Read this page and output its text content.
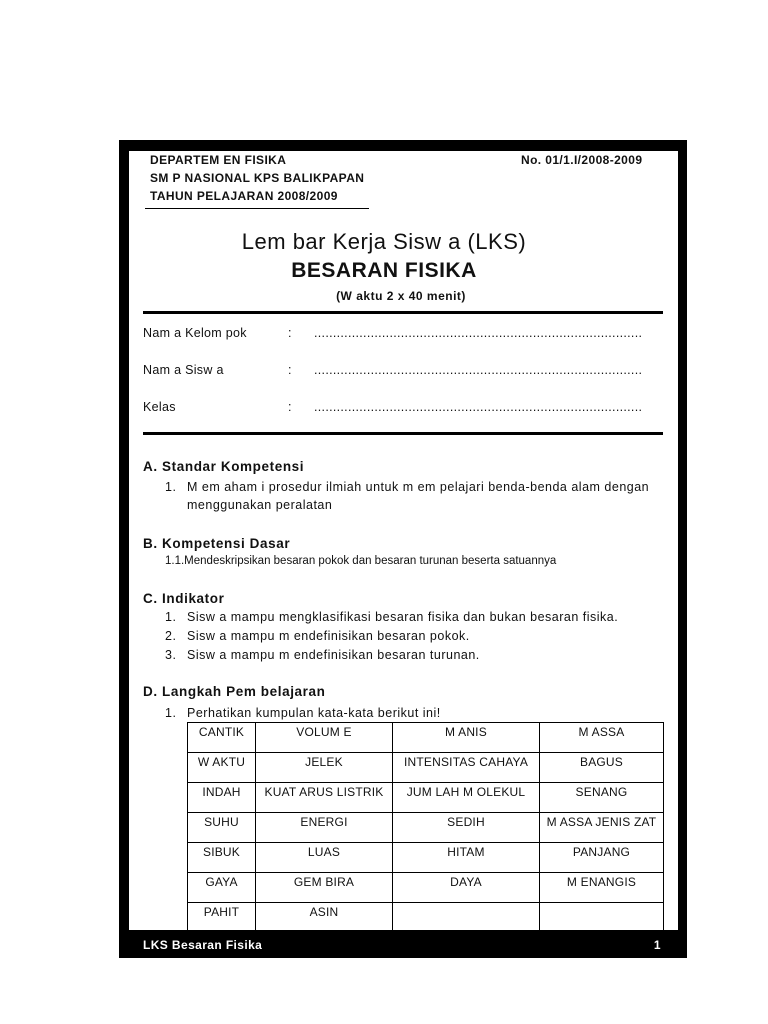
DEPARTEM EN FISIKA
SM P NASIONAL KPS BALIKPAPAN
TAHUN PELAJARAN 2008/2009
No. 01/1.I/2008-2009
Lem bar Kerja Sisw a (LKS)
BESARAN FISIKA
(W aktu 2 x 40 menit)
Nam a Kelom pok	: .......................................................................................
Nam a Sisw a	: .......................................................................................
Kelas	: .......................................................................................
A. Standar Kompetensi
1. M em aham i prosedur ilmiah untuk m em pelajari benda-benda alam dengan
menggunakan peralatan
B. Kompetensi Dasar
1.1.Mendeskripsikan besaran pokok dan besaran turunan beserta satuannya
C. Indikator
1. Sisw a mampu mengklasifikasi besaran fisika dan bukan besaran fisika.
2. Sisw a mampu m endefinisikan besaran pokok.
3. Sisw a mampu m endefinisikan besaran turunan.
D. Langkah Pem belajaran
1. Perhatikan kumpulan kata-kata berikut ini!
CANTIK	VOLUM E	M ANIS	M ASSA
W AKTU	JELEK	INTENSITAS CAHAYA	BAGUS
INDAH	KUAT ARUS LISTRIK	JUM LAH M OLEKUL	SENANG
SUHU	ENERGI	SEDIH	M ASSA JENIS ZAT
SIBUK	LUAS	HITAM	PANJANG
GAYA	GEM BIRA	DAYA	M ENANGIS
PAHIT	ASIN		
LKS Besaran Fisika	1
